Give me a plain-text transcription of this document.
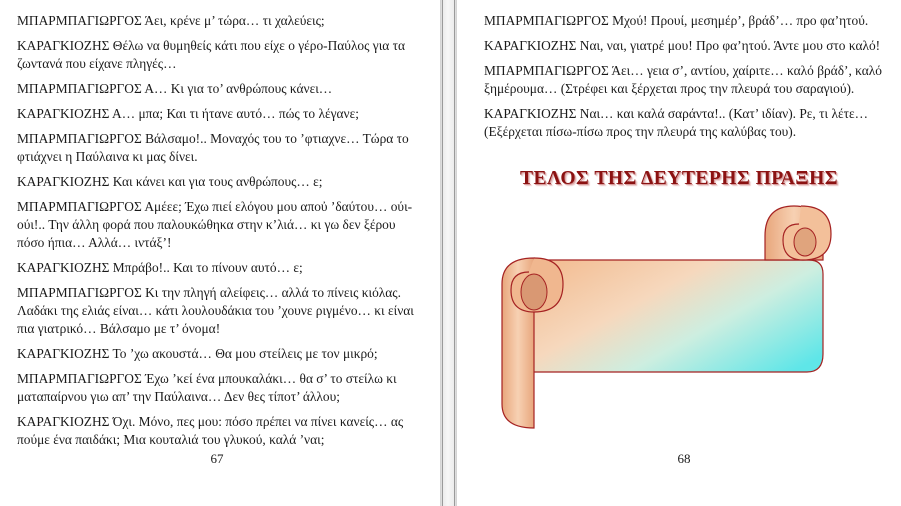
ΜΠΑΡΜΠΑΓΙΩΡΓΟΣ Άει, κρένε μ’ τώρα… τι χαλεύεις;

ΚΑΡΑΓΚΙΟΖΗΣ Θέλω να θυμηθείς κάτι που είχε ο γέρο-Παύλος για τα ζωντανά που είχανε πληγές…

ΜΠΑΡΜΠΑΓΙΩΡΓΟΣ Α… Κι για το’ ανθρώπους κάνει…

ΚΑΡΑΓΚΙΟΖΗΣ Α… μπα; Και τι ήτανε αυτό… πώς το λέγανε;

ΜΠΑΡΜΠΑΓΙΩΡΓΟΣ Βάλσαμο!.. Μοναχός του το ’φτιαχνε… Τώρα το φτιάχνει η Παύλαινα κι μας δίνει.

ΚΑΡΑΓΚΙΟΖΗΣ Και κάνει και για τους ανθρώπους… ε;

ΜΠΑΡΜΠΑΓΙΩΡΓΟΣ Αμέεε; Έχω πιεί ελόγου μου αποὐ ’δαύτου… ούι-ούι!.. Την άλλη φορά που παλουκώθηκα στην κ’λιά… κι γω δεν ξέρου πόσο ήπια… Αλλά… ιντάξ’!

ΚΑΡΑΓΚΙΟΖΗΣ Μπράβο!.. Και το πίνουν αυτό… ε;

ΜΠΑΡΜΠΑΓΙΩΡΓΟΣ Κι την πληγή αλείφεις… αλλά το πίνεις κιόλας. Λαδάκι της ελιάς είναι… κάτι λουλουδάκια του ’χουνε ριγμένο… κι είναι πια γιατρικό… Βάλσαμο με τ’ όνομα!

ΚΑΡΑΓΚΙΟΖΗΣ Το ’χω ακουστά… Θα μου στείλεις με τον μικρό;

ΜΠΑΡΜΠΑΓΙΩΡΓΟΣ Έχω ’κεί ένα μπουκαλάκι… θα σ’ το στείλω κι ματαπαίρνου γιω απ’ την Παύλαινα… Δεν θες τίποτ’ άλλου;

ΚΑΡΑΓΚΙΟΖΗΣ Όχι. Μόνο, πες μου: πόσο πρέπει να πίνει κανείς… ας πούμε ένα παιδάκι; Μια κουταλιά του γλυκού, καλά ’ναι;

67

ΜΠΑΡΜΠΑΓΙΩΡΓΟΣ Μχού! Προυί, μεσημέρ’, βράδ’… προ φα’ητού.

ΚΑΡΑΓΚΙΟΖΗΣ Ναι, ναι, γιατρέ μου! Προ φα’ητού. Άντε μου στο καλό!

ΜΠΑΡΜΠΑΓΙΩΡΓΟΣ Άει… γεια σ’, αντίου, χαίριτε… καλό βράδ’, καλό ξημέρουμα… (Στρέφει και ξέρχεται προς την πλευρά του σαραγιού).

ΚΑΡΑΓΚΙΟΖΗΣ Ναι… και καλά σαράντα!.. (Κατ’ ιδίαν). Ρε, τι λέτε… (Εξέρχεται πίσω-πίσω προς την πλευρά της καλύβας του).

ΤΕΛΟΣ ΤΗΣ ΔΕΥΤΕΡΗΣ ΠΡΑΞΗΣ
68
